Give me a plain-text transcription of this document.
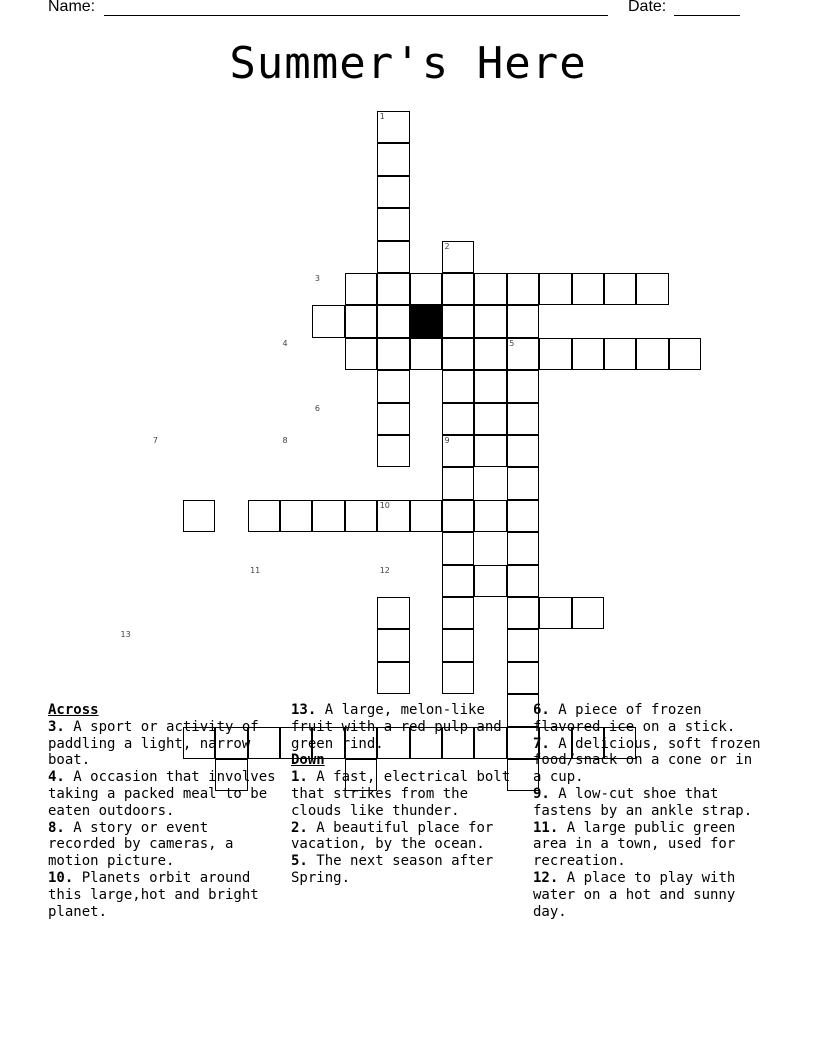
Name:	Date:
Summer's Here
1
2
3
4	5
6
7	8	9
10
11	12
13
Across

3. A sport or activity of paddling a light, narrow boat.

4. A occasion that involves taking a packed meal to be eaten outdoors.

8. A story or event recorded by cameras, a motion picture.

10. Planets orbit around this large,hot and bright planet.

13. A large, melon-like fruit with a red pulp and green rind.

Down

1. A fast, electrical bolt that strikes from the clouds like thunder.

2. A beautiful place for vacation, by the ocean.

5. The next season after Spring.

6. A piece of frozen flavored ice on a stick.

7. A delicious, soft frozen food/snack on a cone or in a cup.

9. A low-cut shoe that fastens by an ankle strap.

11. A large public green area in a town, used for recreation.

12. A place to play with water on a hot and sunny day.
